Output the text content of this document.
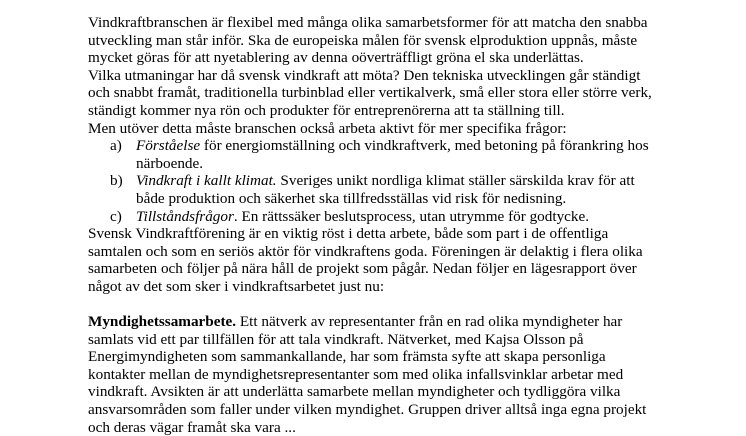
Vindkraftbranschen är flexibel med många olika samarbetsformer för att matcha den snabba
utveckling man står inför. Ska de europeiska målen för svensk elproduktion uppnås, måste
mycket göras för att nyetablering av denna oöverträffligt gröna el ska underlättas.
Vilka utmaningar har då svensk vindkraft att möta? Den tekniska utvecklingen går ständigt
och snabbt framåt, traditionella turbinblad eller vertikalverk, små eller stora eller större verk,
ständigt kommer nya rön och produkter för entreprenörerna att ta ställning till.
Men utöver detta måste branschen också arbeta aktivt för mer specifika frågor:
a) Förståelse för energiomställning och vindkraftverk, med betoning på förankring hos
närboende.
b) Vindkraft i kallt klimat. Sveriges unikt nordliga klimat ställer särskilda krav för att
både produktion och säkerhet ska tillfredsställas vid risk för nedisning.
c) Tillståndsfrågor. En rättssäker beslutsprocess, utan utrymme för godtycke.
Svensk Vindkraftförening är en viktig röst i detta arbete, både som part i de offentliga
samtalen och som en seriös aktör för vindkraftens goda. Föreningen är delaktig i flera olika
samarbeten och följer på nära håll de projekt som pågår. Nedan följer en lägesrapport över
något av det som sker i vindkraftsarbetet just nu:
Myndighetssamarbete. Ett nätverk av representanter från en rad olika myndigheter har
samlats vid ett par tillfällen för att tala vindkraft. Nätverket, med Kajsa Olsson på
Energimyndigheten som sammankallande, har som främsta syfte att skapa personliga
kontakter mellan de myndighetsrepresentanter som med olika infallsvinklar arbetar med
vindkraft. Avsikten är att underlätta samarbete mellan myndigheter och tydliggöra vilka
ansvarsområden som faller under vilken myndighet. Gruppen driver alltså inga egna projekt
och deras vägar framåt ska vara ...
